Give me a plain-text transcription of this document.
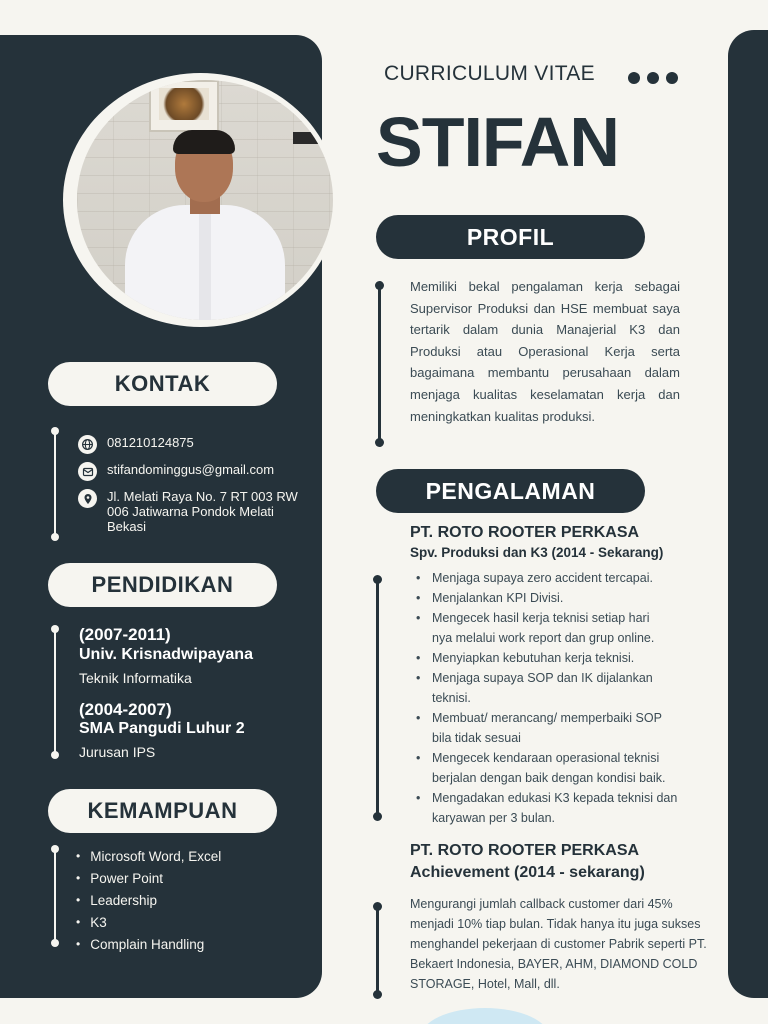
KONTAK
081210124875
stifandominggus@gmail.com
Jl. Melati Raya No. 7 RT 003 RW 006 Jatiwarna Pondok Melati Bekasi
PENDIDIKAN
(2007-2011)
Univ. Krisnadwipayana
Teknik Informatika
(2004-2007)
SMA Pangudi Luhur 2
Jurusan IPS
KEMAMPUAN
• Microsoft Word, Excel
• Power Point
• Leadership
• K3
• Complain Handling
CURRICULUM VITAE
STIFAN
PROFIL
Memiliki bekal pengalaman kerja sebagai Supervisor Produksi dan HSE membuat saya tertarik dalam dunia Manajerial K3 dan Produksi atau Operasional Kerja serta bagaimana membantu perusahaan dalam menjaga kualitas keselamatan kerja dan meningkatkan kualitas produksi.
PENGALAMAN
PT. ROTO ROOTER PERKASA
Spv. Produksi dan K3 (2014 - Sekarang)
• Menjaga supaya zero accident tercapai.
• Menjalankan KPI Divisi.
• Mengecek hasil kerja teknisi setiap hari nya melalui work report dan grup online.
• Menyiapkan kebutuhan kerja teknisi.
• Menjaga supaya SOP dan IK dijalankan teknisi.
• Membuat/ merancang/ memperbaiki SOP bila tidak sesuai
• Mengecek kendaraan operasional teknisi berjalan dengan baik dengan kondisi baik.
• Mengadakan edukasi K3 kepada teknisi dan karyawan per 3 bulan.
PT. ROTO ROOTER PERKASA
Achievement (2014 - sekarang)
Mengurangi jumlah callback customer dari 45% menjadi 10% tiap bulan. Tidak hanya itu juga sukses menghandel pekerjaan di customer Pabrik seperti PT. Bekaert Indonesia, BAYER, AHM, DIAMOND COLD STORAGE, Hotel, Mall, dll.
